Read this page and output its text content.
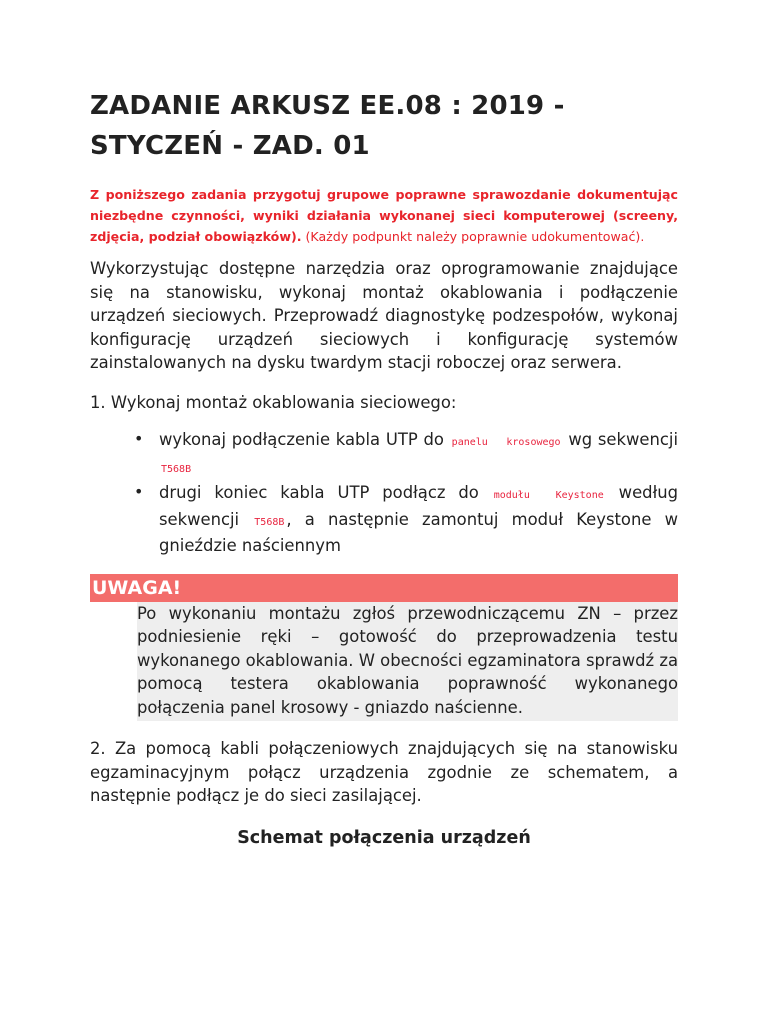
ZADANIE ARKUSZ EE.08 : 2019 -
STYCZEŃ - ZAD. 01

Z poniższego zadania przygotuj grupowe poprawne sprawozdanie dokumentując niezbędne czynności, wyniki działania wykonanej sieci komputerowej (screeny, zdjęcia, podział obowiązków). (Każdy podpunkt należy poprawnie udokumentować).

Wykorzystując dostępne narzędzia oraz oprogramowanie znajdujące się na stanowisku, wykonaj montaż okablowania i podłączenie urządzeń sieciowych. Przeprowadź diagnostykę podzespołów, wykonaj konfigurację urządzeń sieciowych i konfigurację systemów zainstalowanych na dysku twardym stacji roboczej oraz serwera.

1. Wykonaj montaż okablowania sieciowego:

• wykonaj podłączenie kabla UTP do panelu krosowego wg sekwencji T568B
• drugi koniec kabla UTP podłącz do modułu Keystone według sekwencji T568B , a następnie zamontuj moduł Keystone w gnieździe naściennym
UWAGA!
Po wykonaniu montażu zgłoś przewodniczącemu ZN – przez podniesienie ręki – gotowość do przeprowadzenia testu wykonanego okablowania. W obecności egzaminatora sprawdź za pomocą testera okablowania poprawność wykonanego połączenia panel krosowy - gniazdo naścienne.

2. Za pomocą kabli połączeniowych znajdujących się na stanowisku egzaminacyjnym połącz urządzenia zgodnie ze schematem, a następnie podłącz je do sieci zasilającej.

Schemat połączenia urządzeń
